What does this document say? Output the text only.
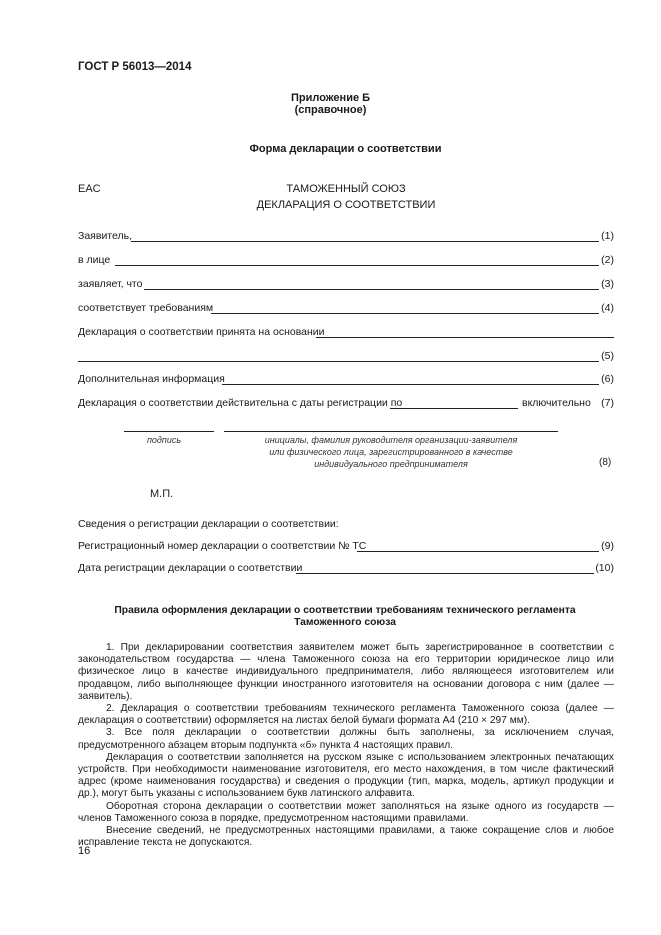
ГОСТ Р 56013—2014
Приложение Б
(справочное)
Форма декларации о соответствии
EAC	ТАМОЖЕННЫЙ СОЮЗ
ДЕКЛАРАЦИЯ О СООТВЕТСТВИИ
Заявитель,	(1)
в лице	(2)
заявляет, что	(3)
соответствует требованиям	(4)
Декларация о соответствии принята на основании
(5)
Дополнительная информация	(6)
Декларация о соответствии действительна с даты регистрации по	включительно (7)
подпись	инициалы, фамилия руководителя организации-заявителя
или физического лица, зарегистрированного в качестве
индивидуального предпринимателя	(8)
М.П.
Сведения о регистрации декларации о соответствии:
Регистрационный номер декларации о соответствии № ТС	(9)
Дата регистрации декларации о соответствии	(10)
Правила оформления декларации о соответствии требованиям технического регламента
Таможенного союза

1. При декларировании соответствия заявителем может быть зарегистрированное в соответствии с законодательством государства — члена Таможенного союза на его территории юридическое лицо или физическое лицо в качестве индивидуального предпринимателя, либо являющееся изготовителем или продавцом, либо выполняющее функции иностранного изготовителя на основании договора с ним (далее — заявитель).

2. Декларация о соответствии требованиям технического регламента Таможенного союза (далее — декларация о соответствии) оформляется на листах белой бумаги формата А4 (210 × 297 мм).

3. Все поля декларации о соответствии должны быть заполнены, за исключением случая, предусмотренного абзацем вторым подпункта «б» пункта 4 настоящих правил.

Декларация о соответствии заполняется на русском языке с использованием электронных печатающих устройств. При необходимости наименование изготовителя, его место нахождения, в том числе фактический адрес (кроме наименования государства) и сведения о продукции (тип, марка, модель, артикул продукции и др.), могут быть указаны с использованием букв латинского алфавита.

Оборотная сторона декларации о соответствии может заполняться на языке одного из государств — членов Таможенного союза в порядке, предусмотренном настоящими правилами.

Внесение сведений, не предусмотренных настоящими правилами, а также сокращение слов и любое исправление текста не допускаются.

16
